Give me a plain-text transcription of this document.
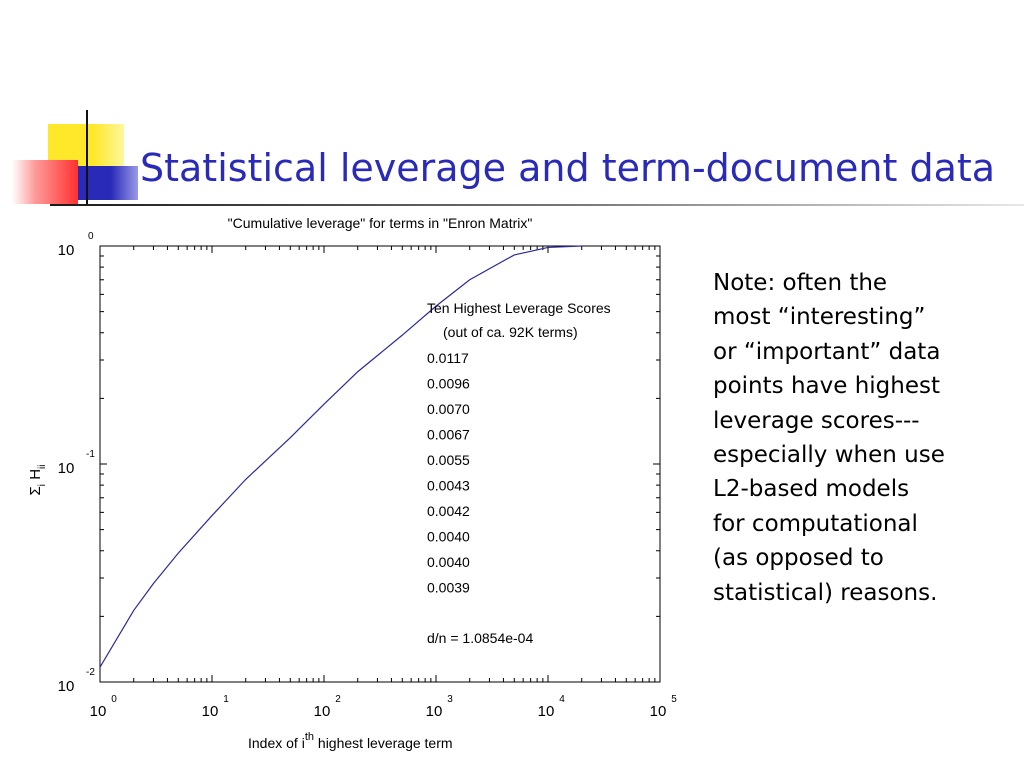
Statistical leverage and term-document data
"Cumulative leverage" for terms in "Enron Matrix"
10
0
10
1
10
2
10
3
10
4
10
5
10
-2
10
-1
10
0
Ten Highest Leverage Scores
(out of ca. 92K terms)
0.0117
0.0096
0.0070
0.0067
0.0055
0.0043
0.0042
0.0040
0.0040
0.0039
d/n = 1.0854e-04
Index of $i^{th}$ highest leverage term
$\Sigma_i$ $H_{ii}$
Note: often the
most “interesting”
or “important” data
points have highest
leverage scores---
especially when use
L2-based models
for computational
(as opposed to
statistical) reasons.
